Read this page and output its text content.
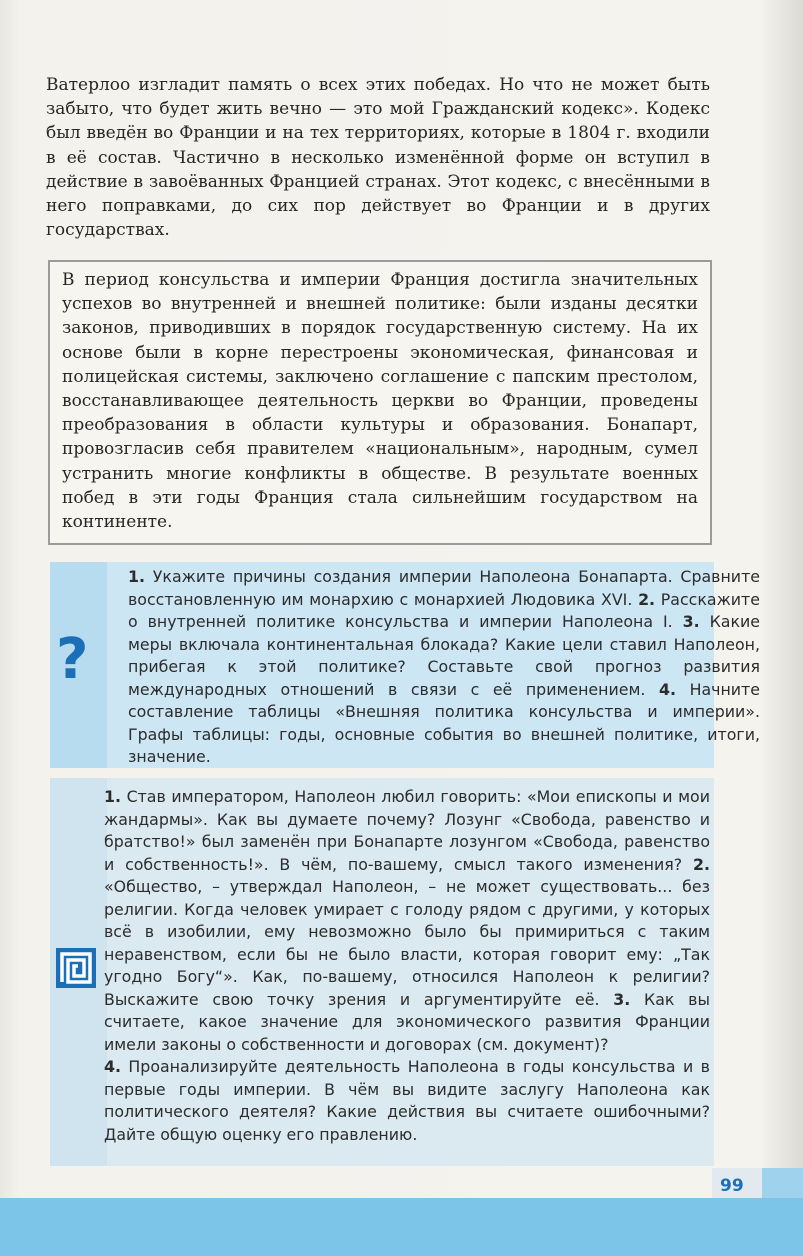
Ватерлоо изгладит память о всех этих победах. Но что не может быть забыто, что будет жить вечно — это мой Гражданский кодекс». Кодекс был введён во Франции и на тех территориях, которые в 1804 г. входили в её состав. Частично в несколько изменённой форме он вступил в действие в завоёванных Францией странах. Этот кодекс, с внесёнными в него поправками, до сих пор действует во Франции и в других государствах.

В период консульства и империи Франция достигла значительных успехов во внутренней и внешней политике: были изданы десятки законов, приводивших в порядок государственную систему. На их основе были в корне перестроены экономическая, финансовая и полицейская системы, заключено соглашение с папским престолом, восстанавливающее деятельность церкви во Франции, проведены преобразования в области культуры и образования. Бонапарт, провозгласив себя правителем «национальным», народным, сумел устранить многие конфликты в обществе. В результате военных побед в эти годы Франция стала сильнейшим государством на континенте.

?

1. Укажите причины создания империи Наполеона Бонапарта. Сравните восстановленную им монархию с монархией Людовика XVI. 2. Расскажите о внутренней политике консульства и империи Наполеона I. 3. Какие меры включала континентальная блокада? Какие цели ставил Наполеон, прибегая к этой политике? Составьте свой прогноз развития международных отношений в связи с её применением. 4. Начните составление таблицы «Внешняя политика консульства и империи». Графы таблицы: годы, основные события во внешней политике, итоги, значение.

1. Став императором, Наполеон любил говорить: «Мои епископы и мои жандармы». Как вы думаете почему? Лозунг «Свобода, равенство и братство!» был заменён при Бонапарте лозунгом «Свобода, равенство и собственность!». В чём, по-вашему, смысл такого изменения? 2. «Общество, – утверждал Наполеон, – не может существовать... без религии. Когда человек умирает с голоду рядом с другими, у которых всё в изобилии, ему невозможно было бы примириться с таким неравенством, если бы не было власти, которая говорит ему: „Так угодно Богу“». Как, по-вашему, относился Наполеон к религии? Выскажите свою точку зрения и аргументируйте её. 3. Как вы считаете, какое значение для экономического развития Франции имели законы о собственности и договорах (см. документ)?
4. Проанализируйте деятельность Наполеона в годы консульства и в первые годы империи. В чём вы видите заслугу Наполеона как политического деятеля? Какие действия вы считаете ошибочными? Дайте общую оценку его правлению.

99
